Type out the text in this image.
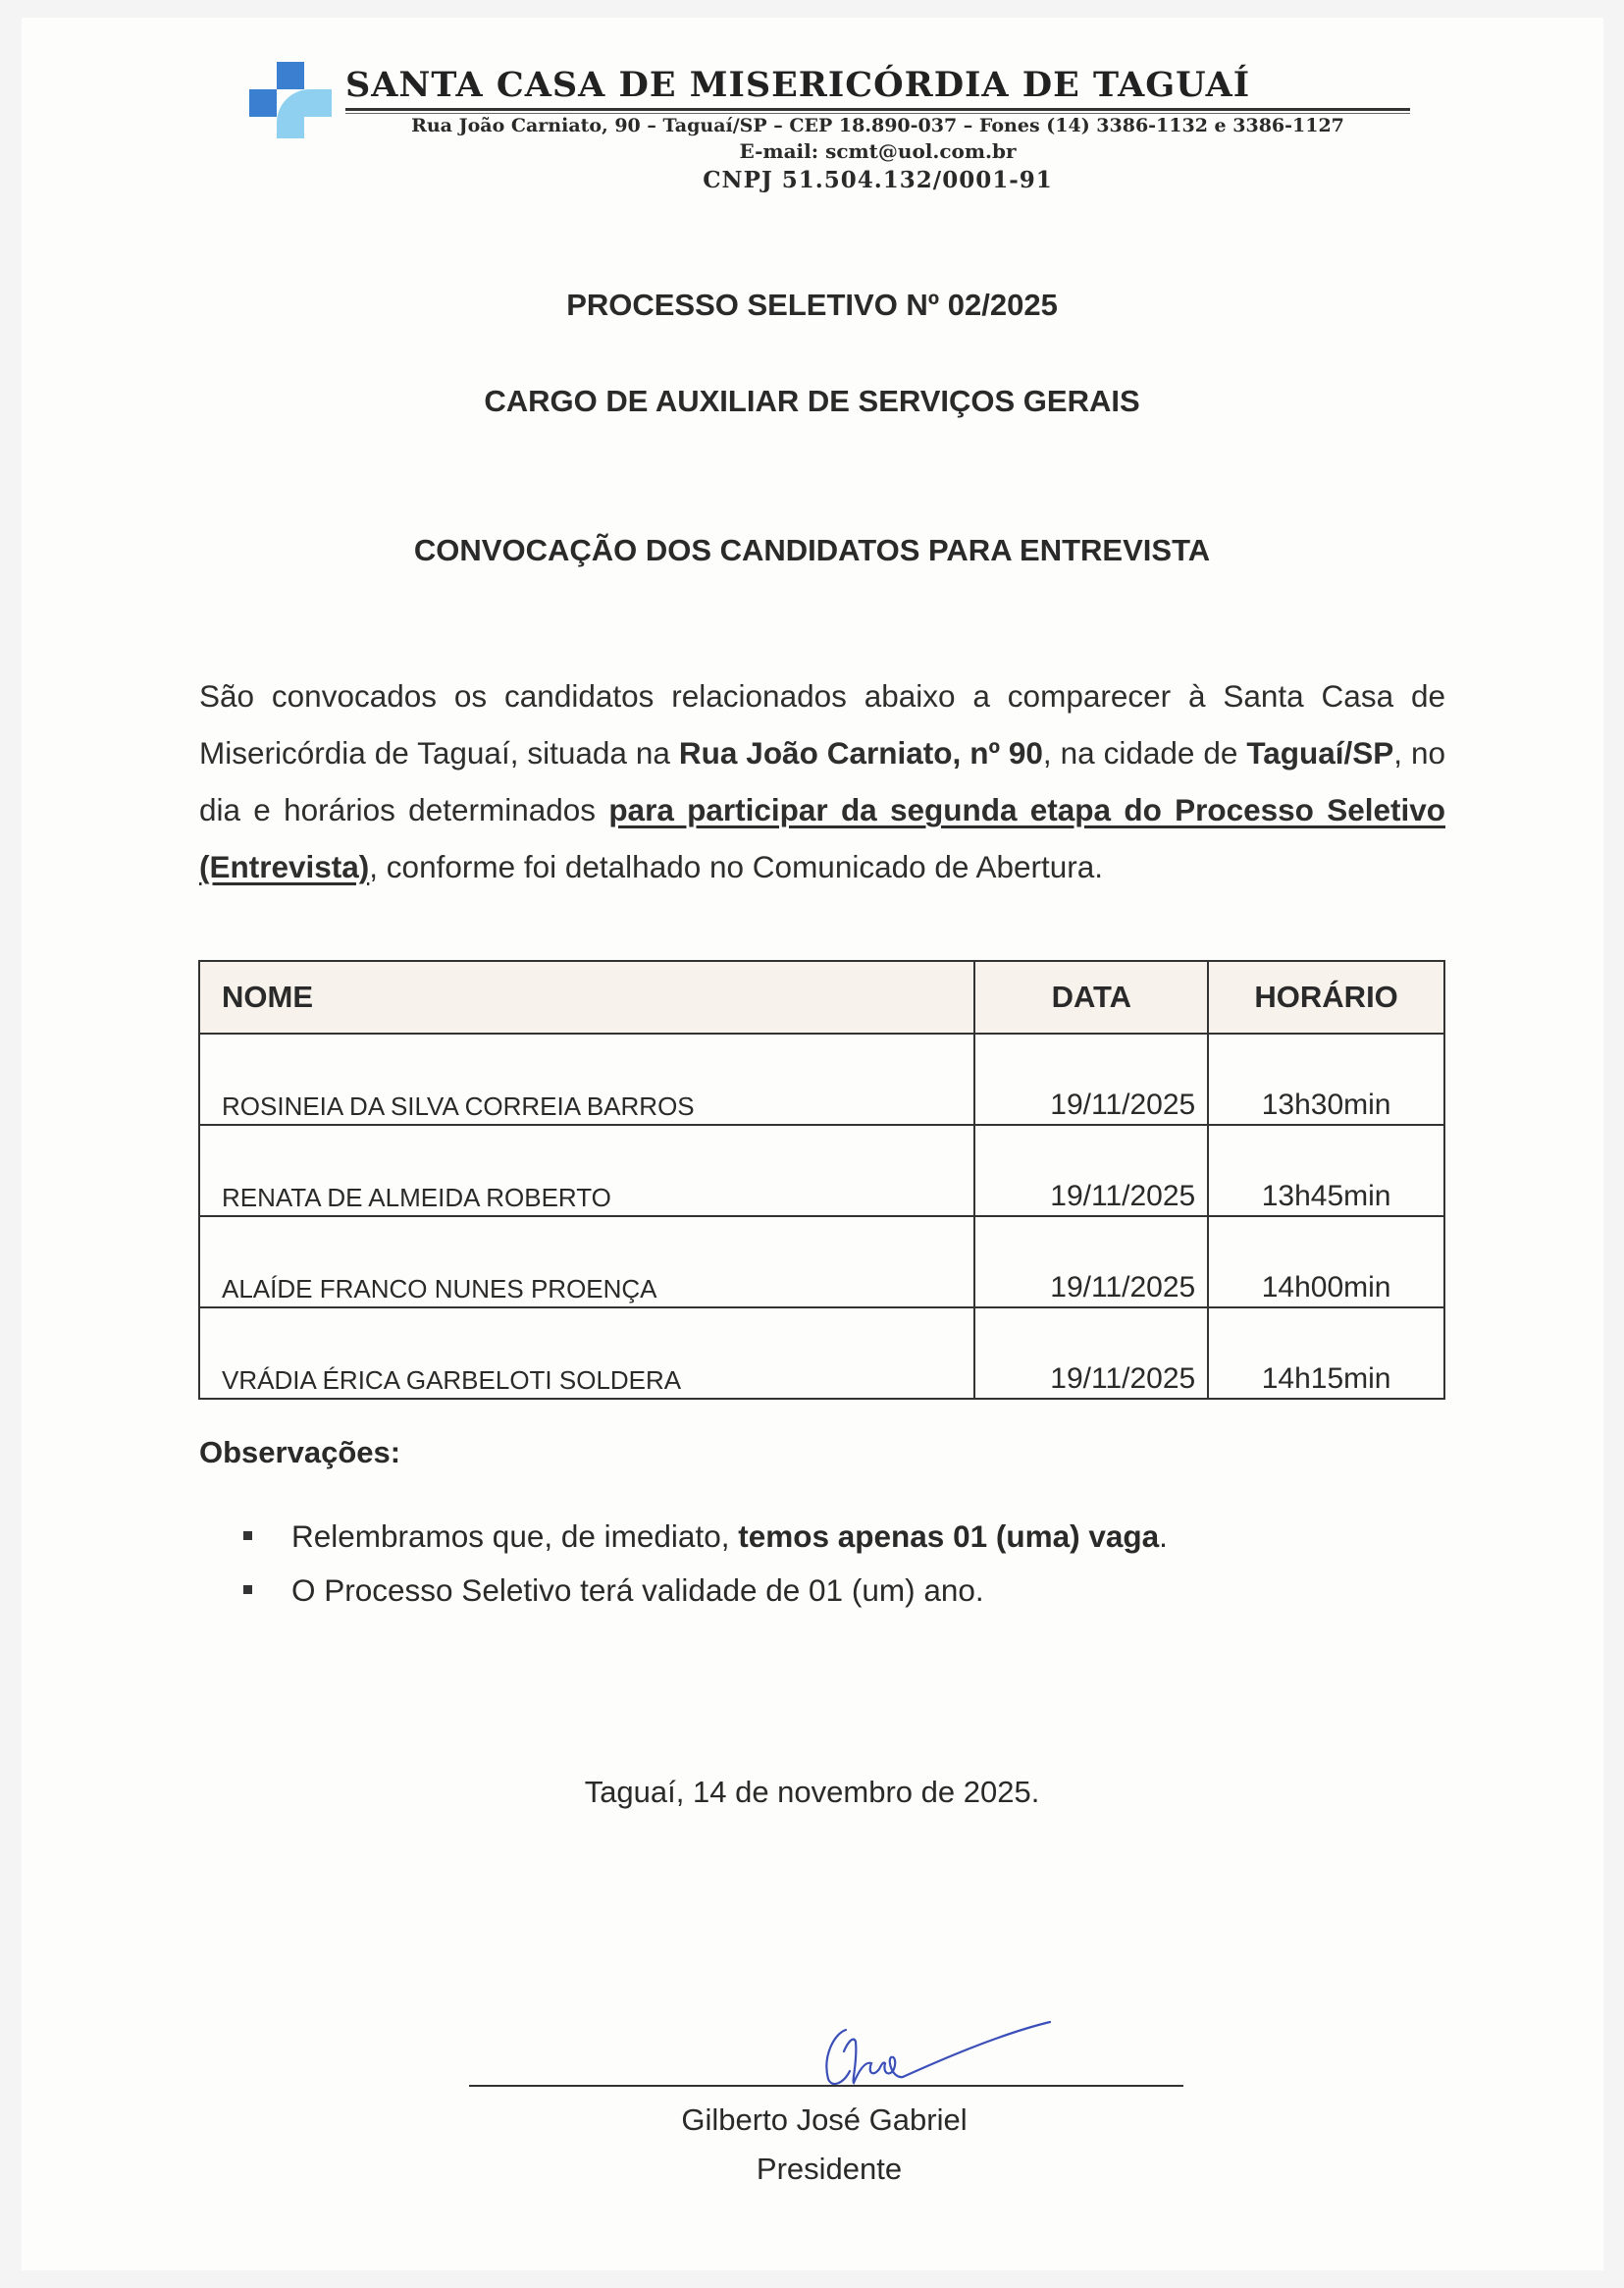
SANTA CASA DE MISERICÓRDIA DE TAGUAÍ
Rua João Carniato, 90 – Taguaí/SP – CEP 18.890-037 – Fones (14) 3386-1132 e 3386-1127
E-mail: scmt@uol.com.br
CNPJ 51.504.132/0001-91
PROCESSO SELETIVO Nº 02/2025
CARGO DE AUXILIAR DE SERVIÇOS GERAIS
CONVOCAÇÃO DOS CANDIDATOS PARA ENTREVISTA
São convocados os candidatos relacionados abaixo a comparecer à Santa Casa de Misericórdia de Taguaí, situada na Rua João Carniato, nº 90, na cidade de Taguaí/SP, no dia e horários determinados para participar da segunda etapa do Processo Seletivo (Entrevista), conforme foi detalhado no Comunicado de Abertura.
NOME	DATA	HORÁRIO
ROSINEIA DA SILVA CORREIA BARROS	19/11/2025	13h30min
RENATA DE ALMEIDA ROBERTO	19/11/2025	13h45min
ALAÍDE FRANCO NUNES PROENÇA	19/11/2025	14h00min
VRÁDIA ÉRICA GARBELOTI SOLDERA	19/11/2025	14h15min
Observações:
Relembramos que, de imediato, temos apenas 01 (uma) vaga.
O Processo Seletivo terá validade de 01 (um) ano.
Taguaí, 14 de novembro de 2025.
Gilberto José Gabriel
Presidente
